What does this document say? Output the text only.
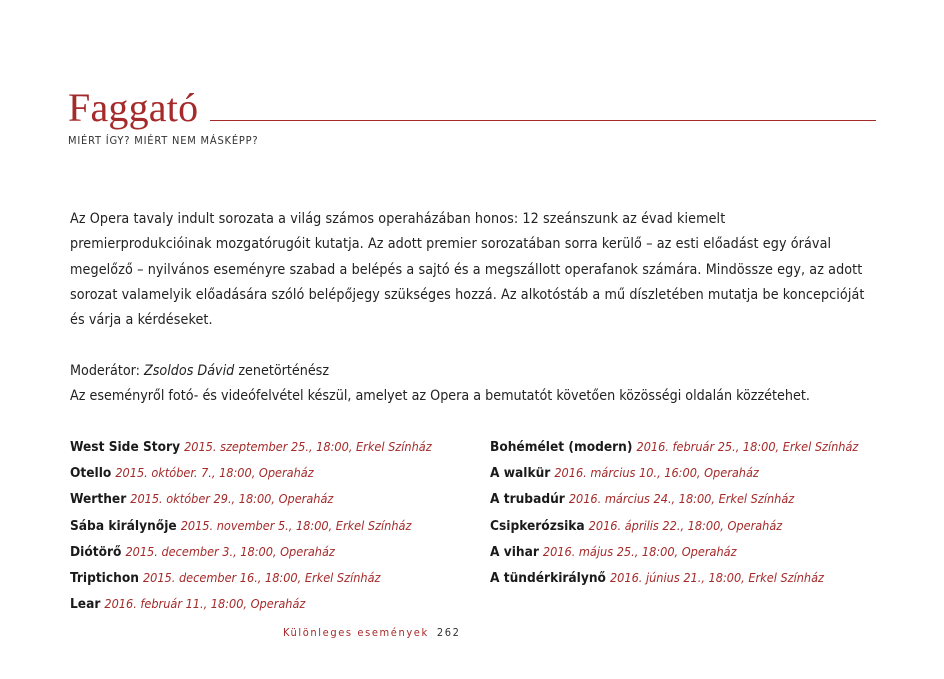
Faggató
MIÉRT ÍGY? MIÉRT NEM MÁSKÉPP?

Az Opera tavaly indult sorozata a világ számos operaházában honos: 12 szeánszunk az évad kiemelt premierprodukcióinak mozgatórugóit kutatja. Az adott premier sorozatában sorra kerülő – az esti előadást egy órával megelőző – nyilvános eseményre szabad a belépés a sajtó és a megszállott operafanok számára. Mindössze egy, az adott sorozat valamelyik előadására szóló belépőjegy szükséges hozzá. Az alkotóstáb a mű díszletében mutatja be koncepcióját és várja a kérdéseket.

Moderátor: Zsoldos Dávid zenetörténész

Az eseményről fotó- és videófelvétel készül, amelyet az Opera a bemutatót követően közösségi oldalán közzétehet.

West Side Story 2015. szeptember 25., 18:00, Erkel Színház
Otello 2015. október. 7., 18:00, Operaház
Werther 2015. október 29., 18:00, Operaház
Sába királynője 2015. november 5., 18:00, Erkel Színház
Diótörő 2015. december 3., 18:00, Operaház
Triptichon 2015. december 16., 18:00, Erkel Színház
Lear 2016. február 11., 18:00, Operaház
Bohémélet (modern) 2016. február 25., 18:00, Erkel Színház
A walkür 2016. március 10., 16:00, Operaház
A trubadúr 2016. március 24., 18:00, Erkel Színház
Csipkerózsika 2016. április 22., 18:00, Operaház
A vihar 2016. május 25., 18:00, Operaház
A tündérkirálynő 2016. június 21., 18:00, Erkel Színház
Különleges események 262
